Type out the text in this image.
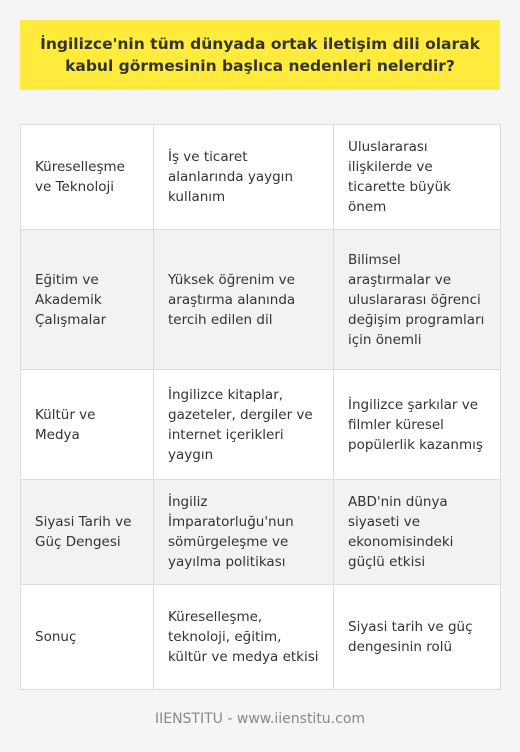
İngilizce'nin tüm dünyada ortak iletişim dili olarak kabul görmesinin başlıca nedenleri nelerdir?
Küreselleşme ve Teknoloji	İş ve ticaret alanlarında yaygın kullanım	Uluslararası ilişkilerde ve ticarette büyük önem
Eğitim ve Akademik Çalışmalar	Yüksek öğrenim ve araştırma alanında tercih edilen dil	Bilimsel araştırmalar ve uluslararası öğrenci değişim programları için önemli
Kültür ve Medya	İngilizce kitaplar, gazeteler, dergiler ve internet içerikleri yaygın	İngilizce şarkılar ve filmler küresel popülerlik kazanmış
Siyasi Tarih ve Güç Dengesi	İngiliz İmparatorluğu'nun sömürgeleşme ve yayılma politikası	ABD'nin dünya siyaseti ve ekonomisindeki güçlü etkisi
Sonuç	Küreselleşme, teknoloji, eğitim, kültür ve medya etkisi	Siyasi tarih ve güç dengesinin rolü
IIENSTITU - www.iienstitu.com
